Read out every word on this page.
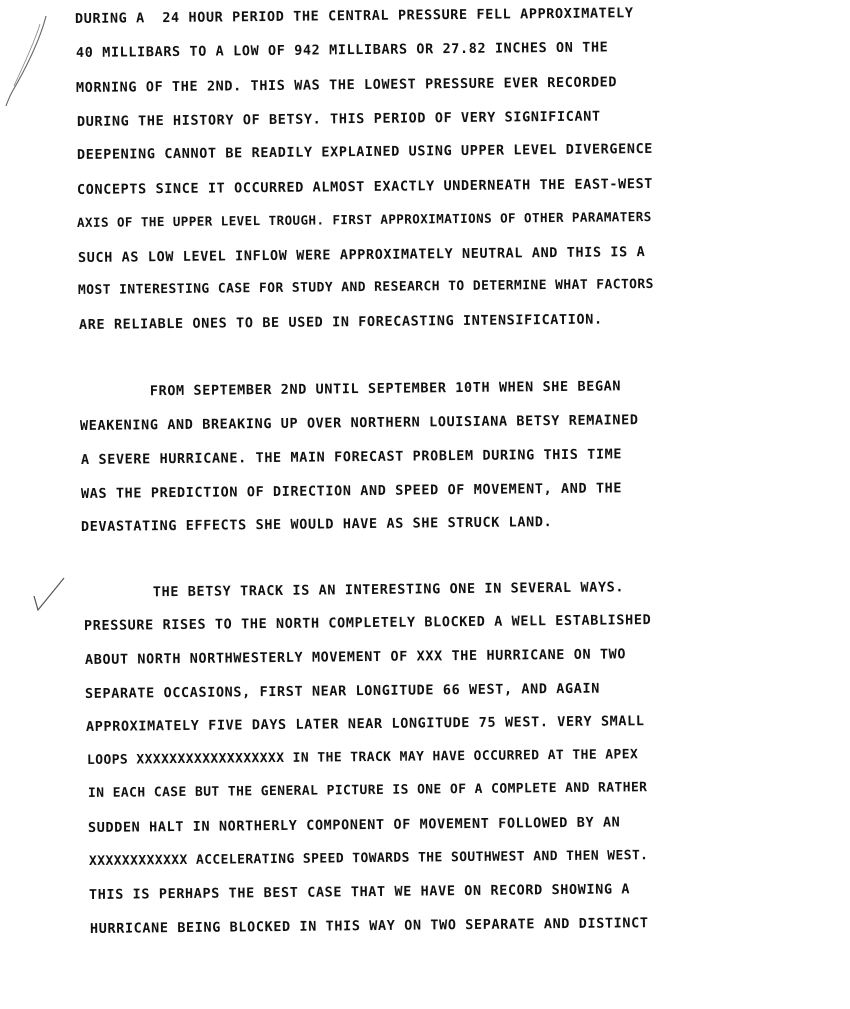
DURING A  24 HOUR PERIOD THE CENTRAL PRESSURE FELL APPROXIMATELY
40 MILLIBARS TO A LOW OF 942 MILLIBARS OR 27.82 INCHES ON THE
MORNING OF THE 2ND. THIS WAS THE LOWEST PRESSURE EVER RECORDED
DURING THE HISTORY OF BETSY. THIS PERIOD OF VERY SIGNIFICANT
DEEPENING CANNOT BE READILY EXPLAINED USING UPPER LEVEL DIVERGENCE
CONCEPTS SINCE IT OCCURRED ALMOST EXACTLY UNDERNEATH THE EAST-WEST
AXIS OF THE UPPER LEVEL TROUGH. FIRST APPROXIMATIONS OF OTHER PARAMATERS
SUCH AS LOW LEVEL INFLOW WERE APPROXIMATELY NEUTRAL AND THIS IS A
MOST INTERESTING CASE FOR STUDY AND RESEARCH TO DETERMINE WHAT FACTORS
ARE RELIABLE ONES TO BE USED IN FORECASTING INTENSIFICATION.
FROM SEPTEMBER 2ND UNTIL SEPTEMBER 10TH WHEN SHE BEGAN
WEAKENING AND BREAKING UP OVER NORTHERN LOUISIANA BETSY REMAINED
A SEVERE HURRICANE. THE MAIN FORECAST PROBLEM DURING THIS TIME
WAS THE PREDICTION OF DIRECTION AND SPEED OF MOVEMENT, AND THE
DEVASTATING EFFECTS SHE WOULD HAVE AS SHE STRUCK LAND.
THE BETSY TRACK IS AN INTERESTING ONE IN SEVERAL WAYS.
PRESSURE RISES TO THE NORTH COMPLETELY BLOCKED A WELL ESTABLISHED
ABOUT NORTH NORTHWESTERLY MOVEMENT OF XXX THE HURRICANE ON TWO
SEPARATE OCCASIONS, FIRST NEAR LONGITUDE 66 WEST, AND AGAIN
APPROXIMATELY FIVE DAYS LATER NEAR LONGITUDE 75 WEST. VERY SMALL
LOOPS XXXXXXXXXXXXXXXXXX IN THE TRACK MAY HAVE OCCURRED AT THE APEX
IN EACH CASE BUT THE GENERAL PICTURE IS ONE OF A COMPLETE AND RATHER
SUDDEN HALT IN NORTHERLY COMPONENT OF MOVEMENT FOLLOWED BY AN
XXXXXXXXXXXX ACCELERATING SPEED TOWARDS THE SOUTHWEST AND THEN WEST.
THIS IS PERHAPS THE BEST CASE THAT WE HAVE ON RECORD SHOWING A
HURRICANE BEING BLOCKED IN THIS WAY ON TWO SEPARATE AND DISTINCT
